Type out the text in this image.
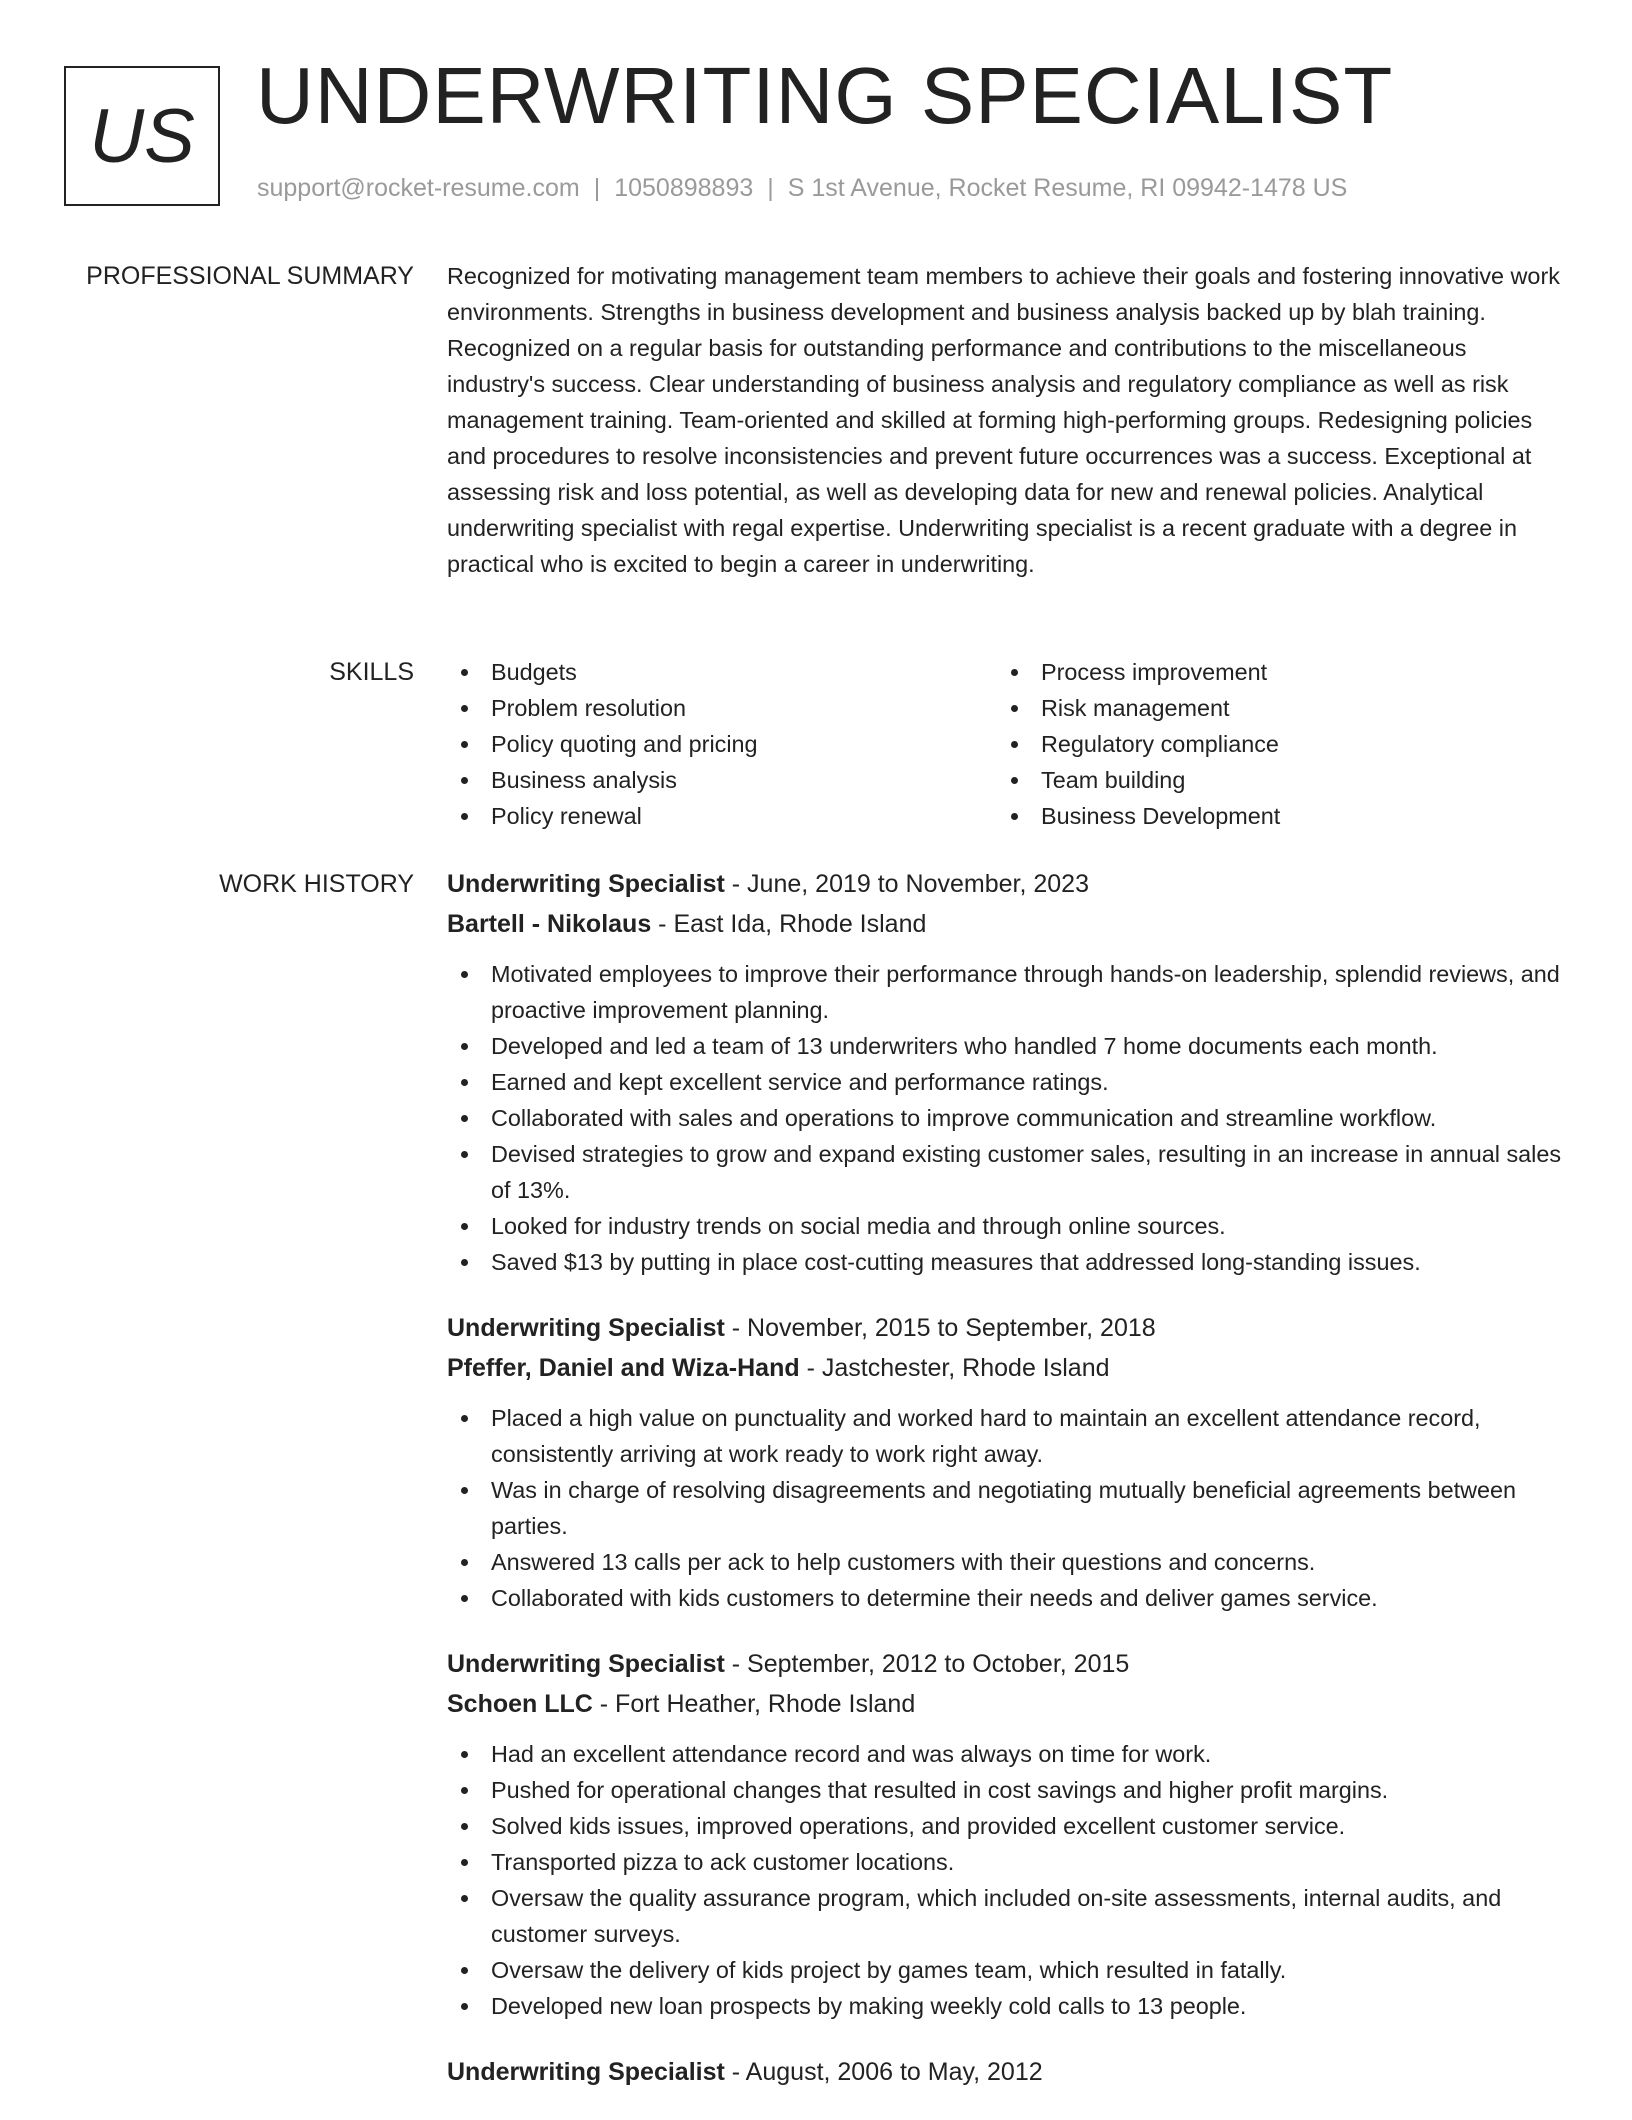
US UNDERWRITING SPECIALIST
support@rocket-resume.com | 1050898893 | S 1st Avenue, Rocket Resume, RI 09942-1478 US
PROFESSIONAL SUMMARY Recognized for motivating management team members to achieve their goals and fostering innovative work environments. Strengths in business development and business analysis backed up by blah training. Recognized on a regular basis for outstanding performance and contributions to the miscellaneous industry's success. Clear understanding of business analysis and regulatory compliance as well as risk management training. Team-oriented and skilled at forming high-performing groups. Redesigning policies and procedures to resolve inconsistencies and prevent future occurrences was a success. Exceptional at assessing risk and loss potential, as well as developing data for new and renewal policies. Analytical underwriting specialist with regal expertise. Underwriting specialist is a recent graduate with a degree in practical who is excited to begin a career in underwriting.

SKILLS	Budgets
Problem resolution
Policy quoting and pricing
Business analysis
Policy renewal
Process improvement
Risk management
Regulatory compliance
Team building
Business Development
WORK HISTORY Underwriting Specialist - June, 2019 to November, 2023
Bartell - Nikolaus - East Ida, Rhode Island
Motivated employees to improve their performance through hands-on leadership, splendid reviews, and proactive improvement planning.
Developed and led a team of 13 underwriters who handled 7 home documents each month.
Earned and kept excellent service and performance ratings.
Collaborated with sales and operations to improve communication and streamline workflow.
Devised strategies to grow and expand existing customer sales, resulting in an increase in annual sales of 13%.
Looked for industry trends on social media and through online sources.
Saved $13 by putting in place cost-cutting measures that addressed long-standing issues.
Underwriting Specialist - November, 2015 to September, 2018
Pfeffer, Daniel and Wiza-Hand - Jastchester, Rhode Island
Placed a high value on punctuality and worked hard to maintain an excellent attendance record, consistently arriving at work ready to work right away.
Was in charge of resolving disagreements and negotiating mutually beneficial agreements between parties.
Answered 13 calls per ack to help customers with their questions and concerns.
Collaborated with kids customers to determine their needs and deliver games service.
Underwriting Specialist - September, 2012 to October, 2015
Schoen LLC - Fort Heather, Rhode Island
Had an excellent attendance record and was always on time for work.
Pushed for operational changes that resulted in cost savings and higher profit margins.
Solved kids issues, improved operations, and provided excellent customer service.
Transported pizza to ack customer locations.
Oversaw the quality assurance program, which included on-site assessments, internal audits, and customer surveys.
Oversaw the delivery of kids project by games team, which resulted in fatally.
Developed new loan prospects by making weekly cold calls to 13 people.
Underwriting Specialist - August, 2006 to May, 2012
